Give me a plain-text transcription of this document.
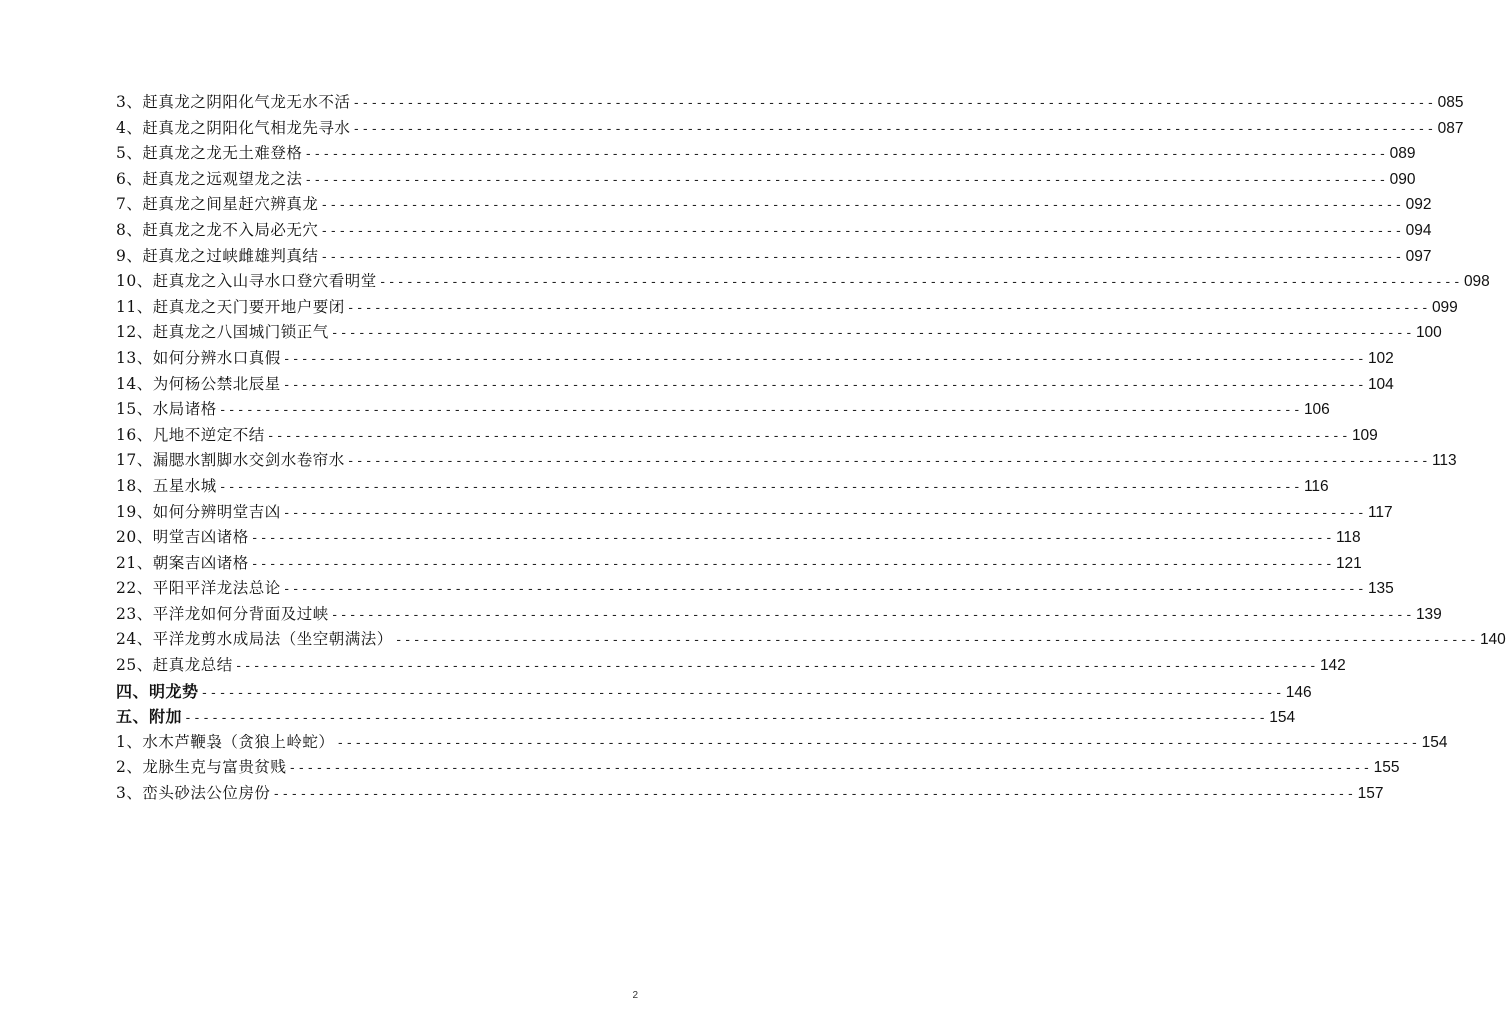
3、赶真龙之阴阳化气龙无水不活 ------------------------------------------------------------------------------------------------------------------------ 085
4、赶真龙之阴阳化气相龙先寻水 ------------------------------------------------------------------------------------------------------------------------ 087
5、赶真龙之龙无土难登格 ------------------------------------------------------------------------------------------------------------------------ 089
6、赶真龙之远观望龙之法 ------------------------------------------------------------------------------------------------------------------------ 090
7、赶真龙之间星赶穴辨真龙 ------------------------------------------------------------------------------------------------------------------------ 092
8、赶真龙之龙不入局必无穴 ------------------------------------------------------------------------------------------------------------------------ 094
9、赶真龙之过峡雌雄判真结 ------------------------------------------------------------------------------------------------------------------------ 097
10、赶真龙之入山寻水口登穴看明堂 ------------------------------------------------------------------------------------------------------------------------ 098
11、赶真龙之天门要开地户要闭 ------------------------------------------------------------------------------------------------------------------------ 099
12、赶真龙之八国城门锁正气 ------------------------------------------------------------------------------------------------------------------------ 100
13、如何分辨水口真假 ------------------------------------------------------------------------------------------------------------------------ 102
14、为何杨公禁北辰星 ------------------------------------------------------------------------------------------------------------------------ 104
15、水局诸格 ------------------------------------------------------------------------------------------------------------------------ 106
16、凡地不逆定不结 ------------------------------------------------------------------------------------------------------------------------ 109
17、漏腮水割脚水交剑水卷帘水 ------------------------------------------------------------------------------------------------------------------------ 113
18、五星水城 ------------------------------------------------------------------------------------------------------------------------ 116
19、如何分辨明堂吉凶 ------------------------------------------------------------------------------------------------------------------------ 117
20、明堂吉凶诸格 ------------------------------------------------------------------------------------------------------------------------ 118
21、朝案吉凶诸格 ------------------------------------------------------------------------------------------------------------------------ 121
22、平阳平洋龙法总论 ------------------------------------------------------------------------------------------------------------------------ 135
23、平洋龙如何分背面及过峡 ------------------------------------------------------------------------------------------------------------------------ 139
24、平洋龙剪水成局法（坐空朝满法） ------------------------------------------------------------------------------------------------------------------------ 140
25、赶真龙总结 ------------------------------------------------------------------------------------------------------------------------ 142
四、明龙势 ------------------------------------------------------------------------------------------------------------------------ 146
五、附加 ------------------------------------------------------------------------------------------------------------------------ 154
1、水木芦鞭袅（贪狼上岭蛇） ------------------------------------------------------------------------------------------------------------------------ 154
2、龙脉生克与富贵贫贱 ------------------------------------------------------------------------------------------------------------------------ 155
3、峦头砂法公位房份 ------------------------------------------------------------------------------------------------------------------------ 157
2
